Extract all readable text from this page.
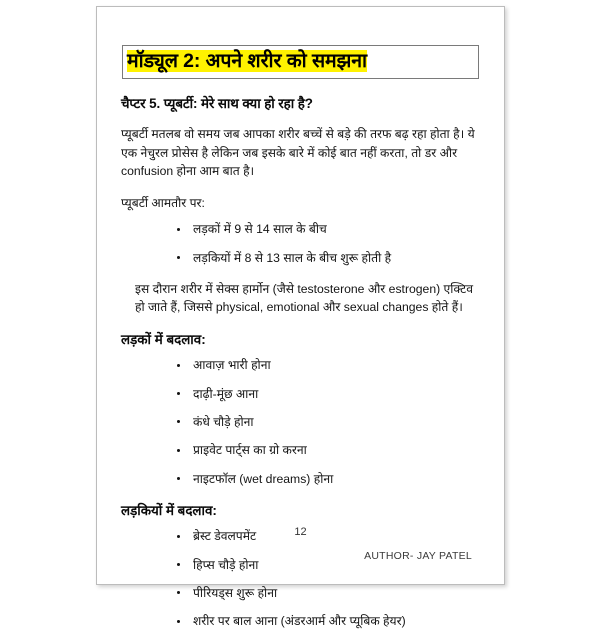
मॉड्यूल 2: अपने शरीर को समझना

चैप्टर 5. प्यूबर्टी: मेरे साथ क्या हो रहा है?

प्यूबर्टी मतलब वो समय जब आपका शरीर बच्चें से बड़े की तरफ बढ़ रहा होता है। ये एक नेचुरल प्रोसेस है लेकिन जब इसके बारे में कोई बात नहीं करता, तो डर और confusion होना आम बात है।

प्यूबर्टी आमतौर पर:

लड़कों में 9 से 14 साल के बीच
लड़कियों में 8 से 13 साल के बीच शुरू होती है

इस दौरान शरीर में सेक्स हार्मोन (जैसे testosterone और estrogen) एक्टिव हो जाते हैं, जिससे physical, emotional और sexual changes होते हैं।

लड़कों में बदलाव:

आवाज़ भारी होना
दाढ़ी-मूंछ आना
कंधे चौड़े होना
प्राइवेट पार्ट्स का ग्रो करना
नाइटफॉल (wet dreams) होना

लड़कियों में बदलाव:

ब्रेस्ट डेवलपमेंट
हिप्स चौड़े होना
पीरियड्स शुरू होना
शरीर पर बाल आना (अंडरआर्म और प्यूबिक हेयर)
12
AUTHOR- JAY PATEL
